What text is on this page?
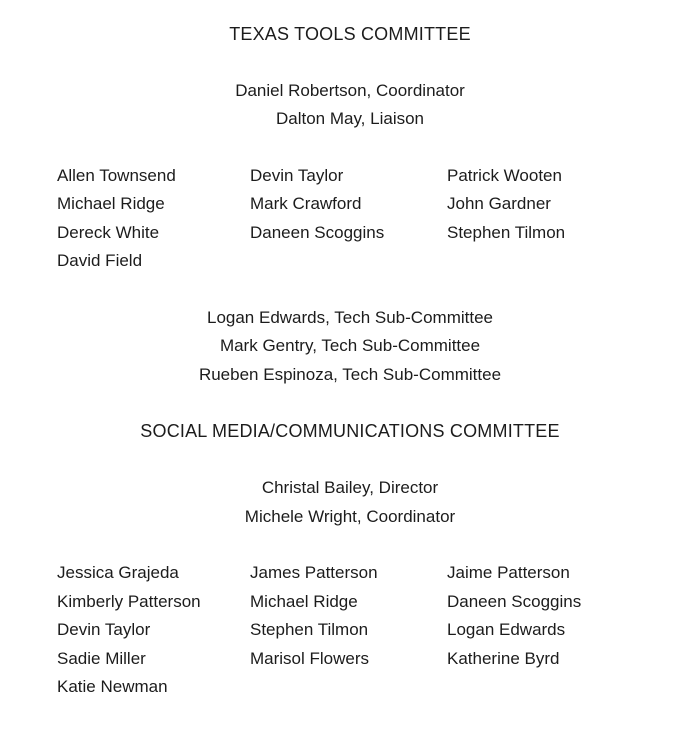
TEXAS TOOLS COMMITTEE
Daniel Robertson, Coordinator
Dalton May, Liaison
Allen Townsend
Michael Ridge
Dereck White
David Field
Devin Taylor
Mark Crawford
Daneen Scoggins
Patrick Wooten
John Gardner
Stephen Tilmon
Logan Edwards, Tech Sub-Committee
Mark Gentry, Tech Sub-Committee
Rueben Espinoza, Tech Sub-Committee
SOCIAL MEDIA/COMMUNICATIONS COMMITTEE
Christal Bailey, Director
Michele Wright, Coordinator
Jessica Grajeda
Kimberly Patterson
Devin Taylor
Sadie Miller
Katie Newman
James Patterson
Michael Ridge
Stephen Tilmon
Marisol Flowers
Jaime Patterson
Daneen Scoggins
Logan Edwards
Katherine Byrd
